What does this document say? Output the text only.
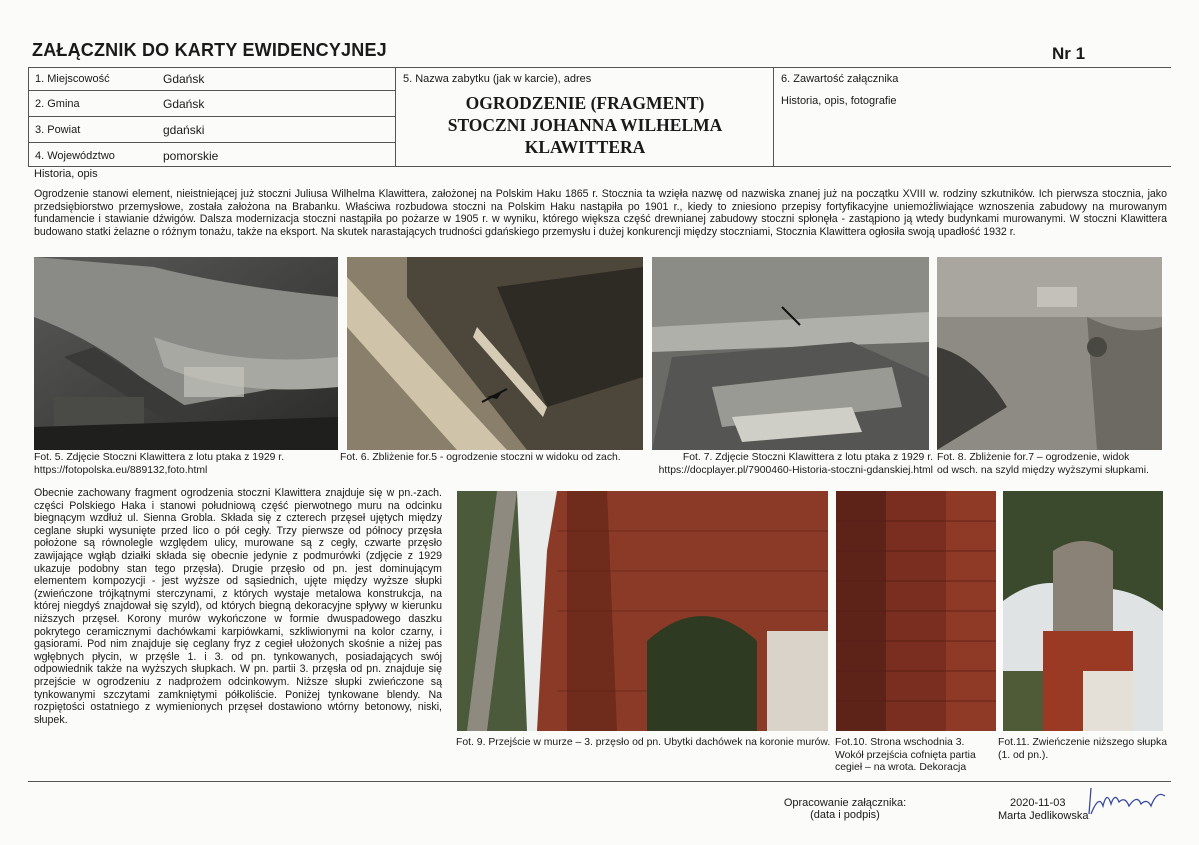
ZAŁĄCZNIK DO KARTY EWIDENCYJNEJ	Nr 1
1. Miejscowość	Gdańsk
2. Gmina	Gdańsk
3. Powiat	gdański
4. Województwo	pomorskie
5. Nazwa zabytku (jak w karcie), adres
OGRODZENIE (FRAGMENT)
STOCZNI JOHANNA WILHELMA
KLAWITTERA
6. Zawartość załącznika
Historia, opis, fotografie
Historia, opis
Ogrodzenie stanowi element, nieistniejącej już stoczni Juliusa Wilhelma Klawittera, założonej na Polskim Haku 1865 r. Stocznia ta wzięła nazwę od nazwiska znanej już na początku XVIII w. rodziny szkutników. Ich pierwsza stocznia, jako przedsiębiorstwo przemysłowe, została założona na Brabanku. Właściwa rozbudowa stoczni na Polskim Haku nastąpiła po 1901 r., kiedy to zniesiono przepisy fortyfikacyjne uniemożliwiające wznoszenia zabudowy na murowanym fundamencie i stawianie dźwigów. Dalsza modernizacja stoczni nastąpiła po pożarze w 1905 r. w wyniku, którego większa część drewnianej zabudowy stoczni spłonęła - zastąpiono ją wtedy budynkami murowanymi. W stoczni Klawittera budowano statki żelazne o różnym tonażu, także na eksport. Na skutek narastających trudności gdańskiego przemysłu i dużej konkurencji między stoczniami, Stocznia Klawittera ogłosiła swoją upadłość 1932 r.
Fot. 5. Zdjęcie Stoczni Klawittera z lotu ptaka z 1929 r.
https://fotopolska.eu/889132,foto.html
Fot. 6. Zbliżenie for.5 - ogrodzenie stoczni w widoku od zach.	Fot. 7. Zdjęcie Stoczni Klawittera z lotu ptaka z 1929 r.
https://docplayer.pl/7900460-Historia-stoczni-gdanskiej.html
Fot. 8. Zbliżenie for.7 – ogrodzenie, widok
od wsch. na szyld między wyższymi słupkami.
Obecnie zachowany fragment ogrodzenia stoczni Klawittera znajduje się w pn.-zach. części Polskiego Haka i stanowi południową część pierwotnego muru na odcinku biegnącym wzdłuż ul. Sienna Grobla. Składa się z czterech przęseł ujętych między ceglane słupki wysunięte przed lico o pół cegły. Trzy pierwsze od północy przęsła położone są równolegle względem ulicy, murowane są z cegły, czwarte przęsło zawijające wgłąb działki składa się obecnie jedynie z podmurówki (zdjęcie z 1929 ukazuje podobny stan tego przęsła). Drugie przęsło od pn. jest dominującym elementem kompozycji - jest wyższe od sąsiednich, ujęte między wyższe słupki (zwieńczone trójkątnymi sterczynami, z których wystaje metalowa konstrukcja, na której niegdyś znajdował się szyld), od których biegną dekoracyjne spływy w kierunku niższych przęseł. Korony murów wykończone w formie dwuspadowego daszku pokrytego ceramicznymi dachówkami karpiówkami, szkliwionymi na kolor czarny, i gąsiorami. Pod nim znajduje się ceglany fryz z cegieł ułożonych skośnie a niżej pas wgłębnych płycin, w przęśle 1. i 3. od pn. tynkowanych, posiadających swój odpowiednik także na wyższych słupkach. W pn. partii 3. przęsła od pn. znajduje się przejście w ogrodzeniu z nadprożem odcinkowym. Niższe słupki zwieńczone są tynkowanymi szczytami zamkniętymi półkoliście. Poniżej tynkowane blendy. Na rozpiętości ostatniego z wymienionych przęseł dostawiono wtórny betonowy, niski, słupek.
Fot. 9. Przejście w murze – 3. przęsło od pn. Ubytki dachówek na koronie murów. Fot.10. Strona wschodnia 3. Wokół przejścia cofnięta partia cegieł – na wrota. Dekoracja
Fot.11. Zwieńczenie niższego słupka (1. od pn.).
Opracowanie załącznika:
(data i podpis)
2020-11-03
Marta Jedlikowska
